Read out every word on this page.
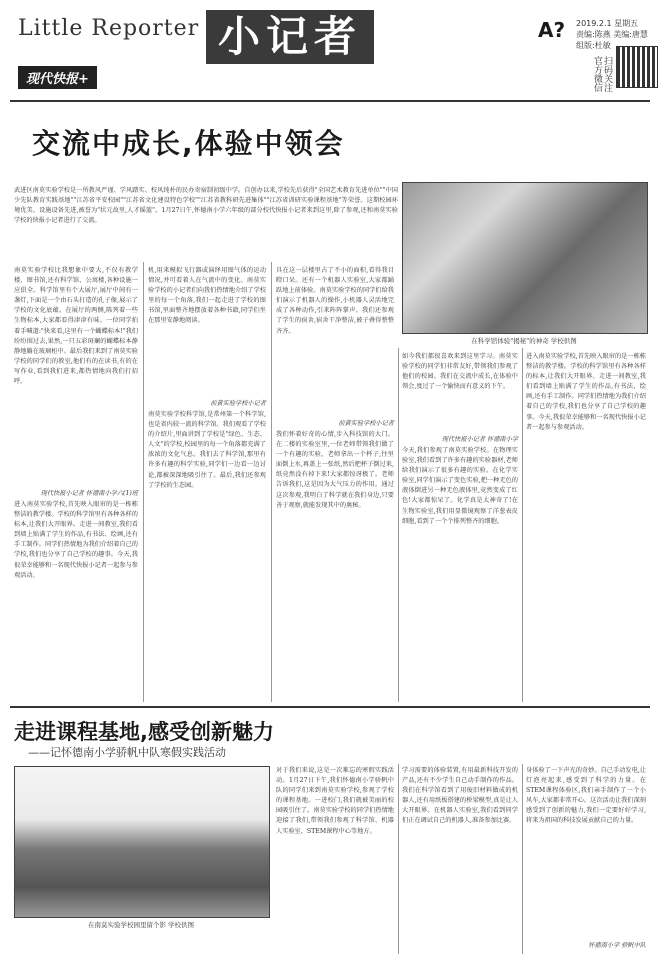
Little Reporter 小记者
现代快报+
A? 2019.2.1 星期五
责编:陈燕 美编:唐慧
组版:杜敏
扫码关注官方微信
交流中成长,体验中领会
武进区南莫实验学校是一所教风严谨、学风踏实、校风纯朴的民办寄宿制初级中学。自创办以来,学校先后获得"全国艺术教育先进单位""中国少先队教育实践基地""江苏省平安校园""江苏省文化建设特色学校""江苏省教科研先进集体""江苏省训研实验课程基地"等荣誉。这期校园环境优美、设施设备先进,被誉为"状元故里,人才摇篮"。1月27日午,怀德南小学六年级的部分校代快报小记者来到这里,除了参观,还和南莫实验学校的快报小记者进行了交流。
在科学馆体验"揭秘"的神奇 学校供图
南莫实验学校比我想象中要大,不仅有教学楼、图书馆,还有科学馆、公寓楼,各种设施一应俱全。科学馆里有个大展厅,展厅中间有一盏灯,下面是一个由石头打造的孔子像,展示了学校的文化底蕴。在展厅的两侧,陈列着一些生物标本,大家都看得津津有味。一位同学拍着手喊道:"快来看,这里有一个蝴蝶标本!"我们纷纷围过去,果然,一只五彩斑斓的蝴蝶标本静静地躺在玻璃柜中。最后我们来到了南莫实验学校的同学们的教室,他们有的在读书,有的在写作业,看到我们进来,都热情地向我们打招呼。
现代快报小记者 怀德南小学六(1)班
进入南莫实验学校,首先映入眼帘的是一栋栋整洁的教学楼。学校的科学馆里有各种各样的标本,让我们大开眼界。走进一间教室,我们看到墙上贴满了学生的作品,有书法、绘画,还有手工制作。同学们热情地为我们介绍着自己的学校,我们也分享了自己学校的趣事。今天,我很荣幸能够和一名现代快报小记者一起参与参观活动。
机,用来模拟飞行器或演绎用图气体的运动情况,并可看着人在气流中的变化。南莫实验学校的小记者们向我们热情地介绍了学校里的每一个角落,我们一起走进了学校的图书馆,里面整齐地摆放着各种书籍,同学们坐在那里安静地阅读。
前黄实验学校小记者
南莫实验学校科学馆,是常州第一个科学馆,也是省内较一流的科学馆。我们观看了学校的介绍片,里面讲到了学校是"绿色、生态、人文"的学校,校园里的每一个角落都充满了浓浓的文化气息。我们去了科学馆,那里有许多有趣的科学实验,同学们一边看一边讨论,都被深深地吸引住了。最后,我们还参观了学校的生态园。
具在这一层楼里占了不小的面积,看得我目瞪口呆。还有一个机器人实验室,大家都踊跃地上前体验。南莫实验学校的同学们给我们演示了机器人的操作,小机器人灵活地完成了各种动作,引来阵阵掌声。我们还参观了学生的宿舍,宿舍干净整洁,被子叠得整整齐齐。
前黄实验学校小记者
我们怀着好奇的心情,步入科技馆的大门。在二楼的实验室里,一位老师带领我们做了一个有趣的实验。老师拿出一个杯子,往里面倒上水,再盖上一张纸,然后把杯子倒过来,纸竟然没有掉下来!大家都惊讶极了。老师告诉我们,这是因为大气压力的作用。通过这次参观,我明白了科学就在我们身边,只要善于观察,就能发现其中的奥秘。
如今我们都很喜欢来到这里学习。南莫实验学校的同学们非常友好,带领我们参观了他们的校园。我们在交流中成长,在体验中领会,度过了一个愉快而有意义的下午。
现代快报小记者 怀德南小学
今天,我们参观了南莫实验学校。在物理实验室,我们看到了许多有趣的实验器材,老师给我们演示了很多有趣的实验。在化学实验室,同学们演示了变色实验,把一种无色的液体倒进另一种无色液体里,竟然变成了红色!大家都惊呆了。化学真是太神奇了!在生物实验室,我们用显微镜观察了洋葱表皮细胞,看到了一个个排列整齐的细胞。
进入南莫实验学校,首先映入眼帘的是一栋栋整洁的教学楼。学校的科学馆里有各种各样的标本,让我们大开眼界。走进一间教室,我们看到墙上贴满了学生的作品,有书法、绘画,还有手工制作。同学们热情地为我们介绍着自己的学校,我们也分享了自己学校的趣事。今天,我很荣幸能够和一名现代快报小记者一起参与参观活动。
走进课程基地,感受创新魅力
——记怀德南小学骄帆中队寒假实践活动
在南莫实验学校园里留个影 学校供图
对于我们来说,这是一次难忘的寒假实践活动。1月27日下午,我们怀德南小学骄帆中队的同学们来到南莫实验学校,参观了学校的课程基地。一进校门,我们就被美丽的校园吸引住了。南莫实验学校的同学们热情地迎接了我们,带领我们参观了科学馆、机器人实验室、STEM课程中心等地方。
学习需要的体验装置,有用最新科技开发的产品,还有不少学生自己动手制作的作品。我们在科学馆看到了用废旧材料做成的机器人,还有用纸板搭建的桥梁模型,真是让人大开眼界。在机器人实验室,我们看到同学们正在调试自己的机器人,准备参加比赛。
身体验了一下声光的奇妙。自己手动发电,让灯泡亮起来,感受到了科学的力量。在STEM课程体验区,我们亲手制作了一个小风车,大家都非常开心。这次活动让我们深刻感受到了创新的魅力,我们一定要好好学习,将来为祖国的科技发展贡献自己的力量。
怀德南小学 骄帆中队
